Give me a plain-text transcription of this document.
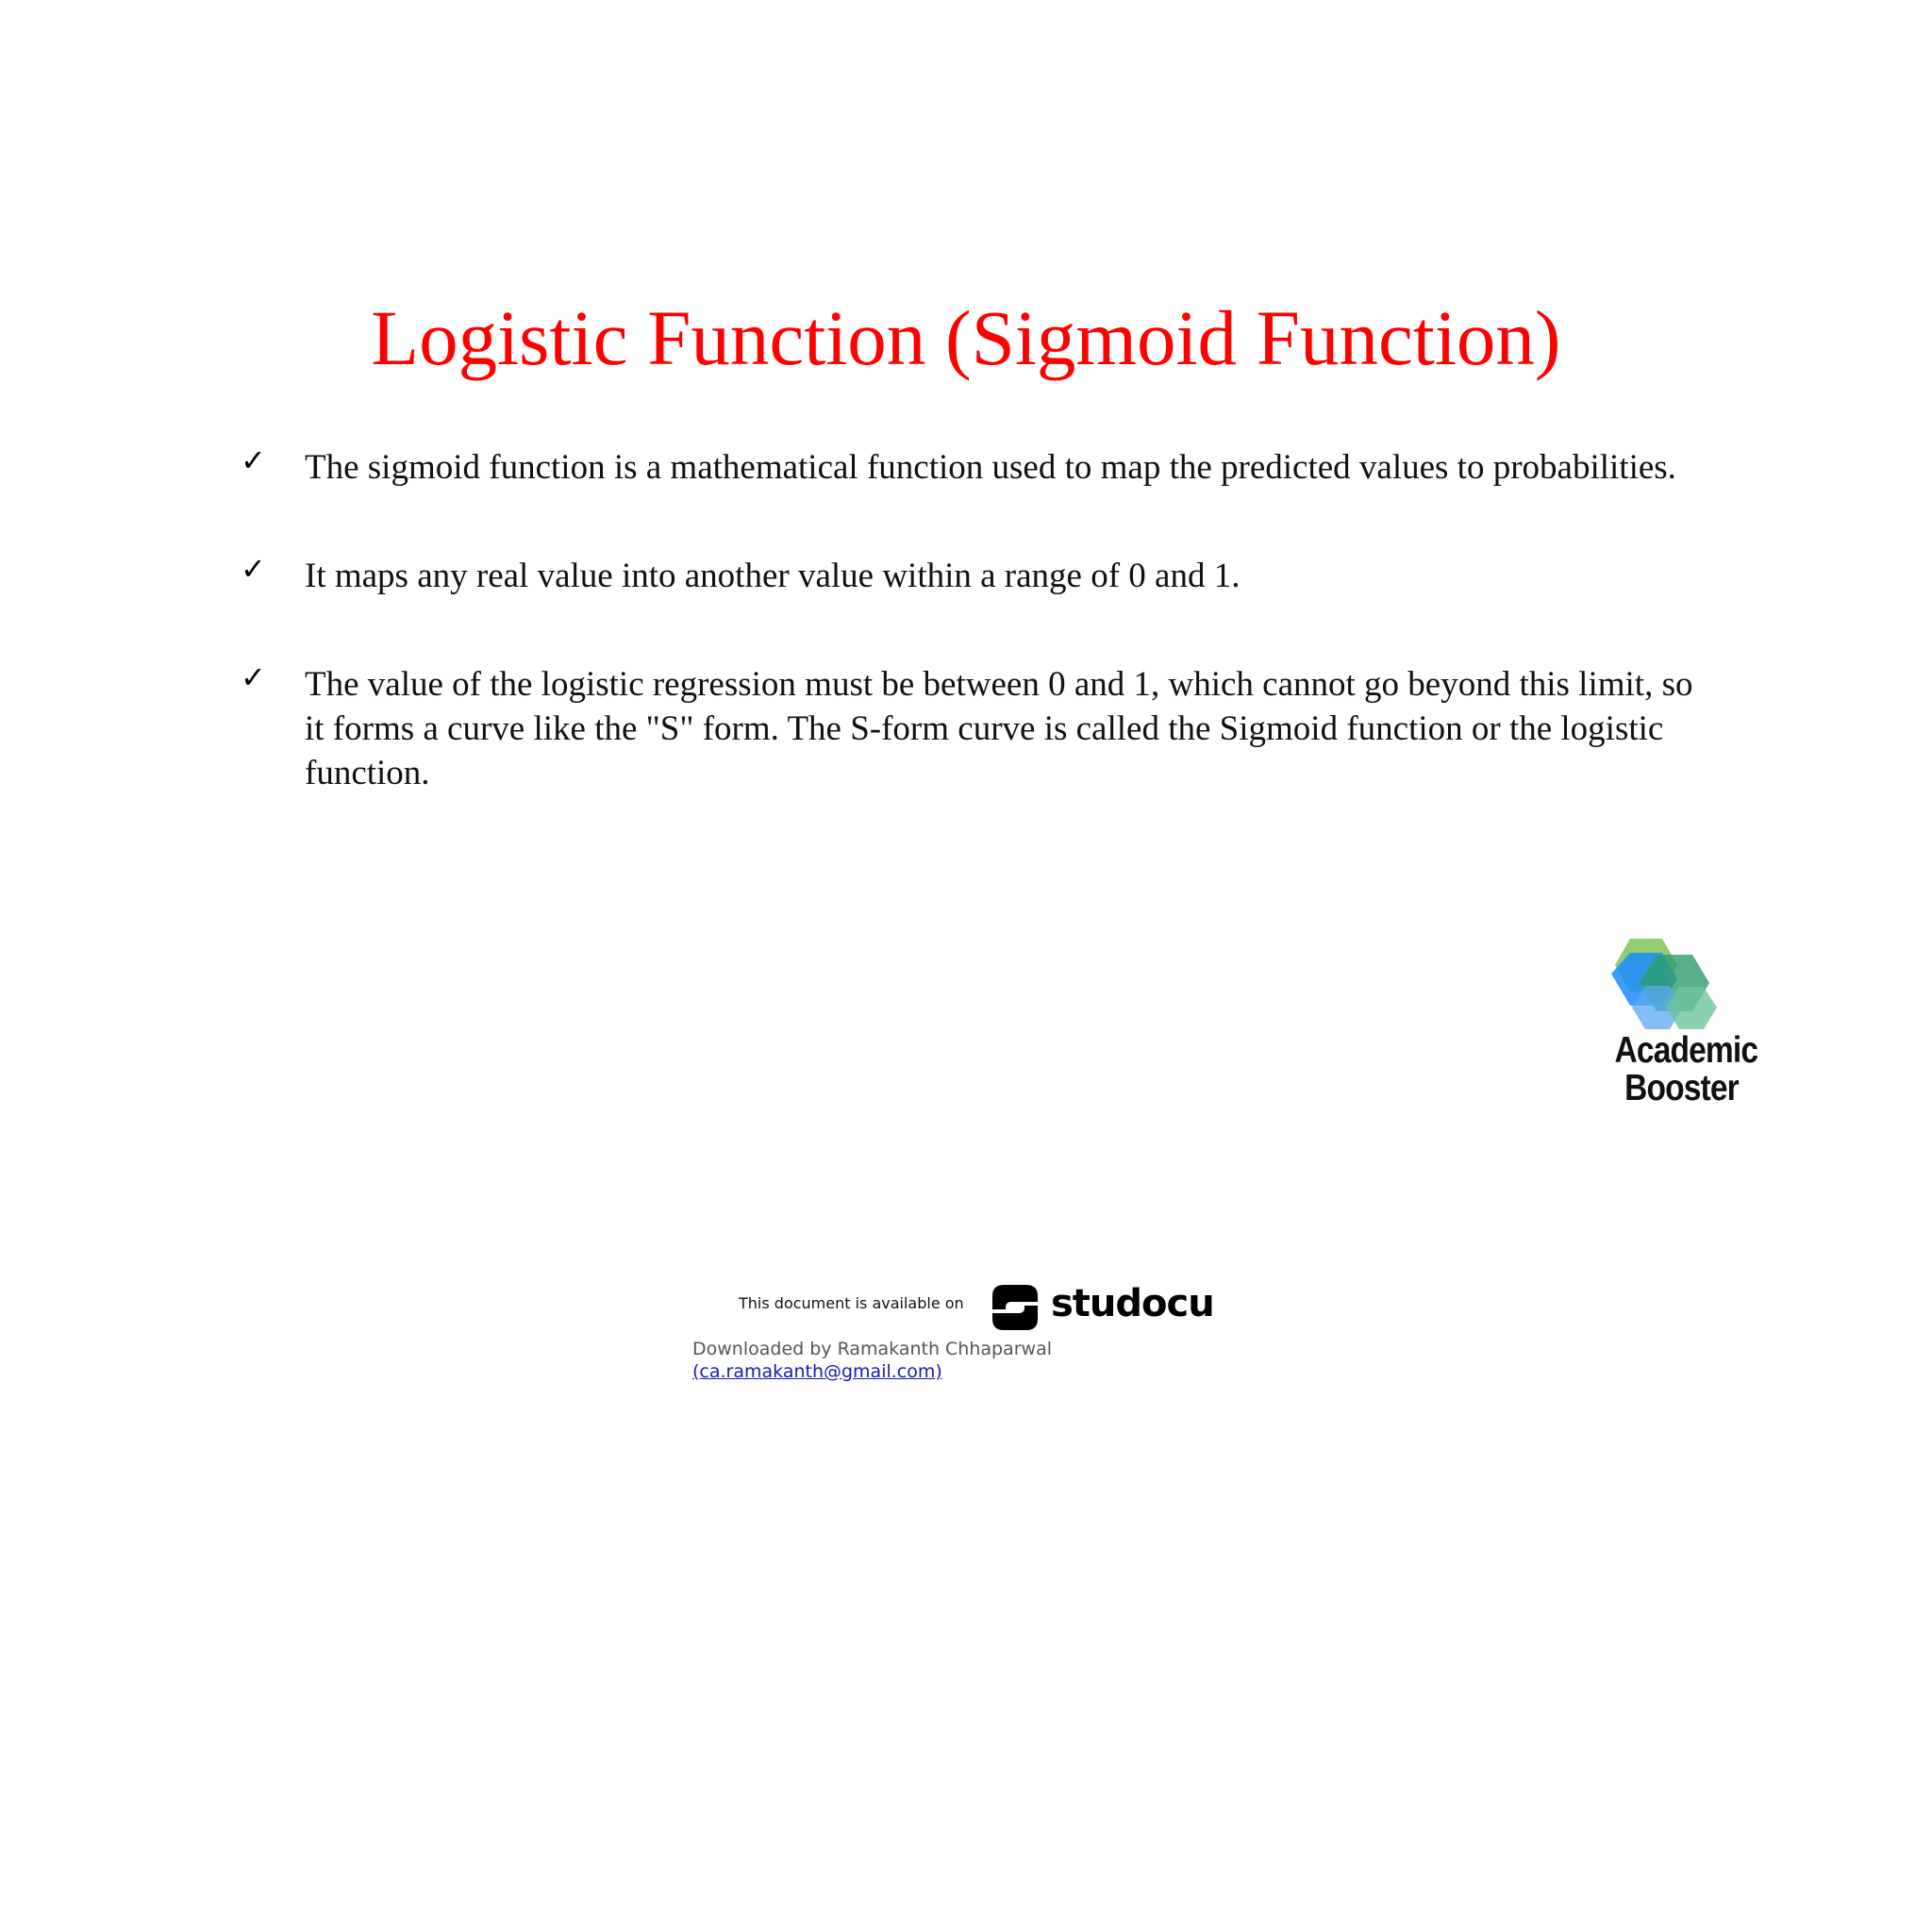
Logistic Function (Sigmoid Function)
✓ The sigmoid function is a mathematical function used to map the predicted values to probabilities.
✓ It maps any real value into another value within a range of 0 and 1.
✓ The value of the logistic regression must be between 0 and 1, which cannot go beyond this limit, so it forms a curve like the "S" form. The S-form curve is called the Sigmoid function or the logistic function.
Academic
Booster
This document is available on studocu
Downloaded by Ramakanth Chhaparwal
(ca.ramakanth@gmail.com)
